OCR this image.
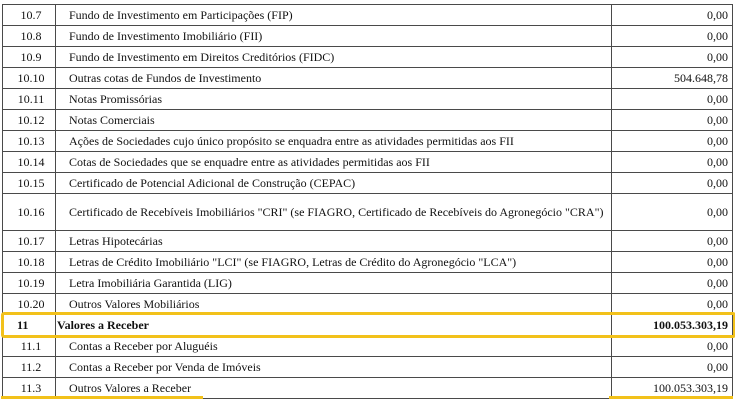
10.7	Fundo de Investimento em Participações (FIP)	0,00
10.8	Fundo de Investimento Imobiliário (FII)	0,00
10.9	Fundo de Investimento em Direitos Creditórios (FIDC)	0,00
10.10	Outras cotas de Fundos de Investimento	504.648,78
10.11	Notas Promissórias	0,00
10.12	Notas Comerciais	0,00
10.13	Ações de Sociedades cujo único propósito se enquadra entre as atividades permitidas aos FII	0,00
10.14	Cotas de Sociedades que se enquadre entre as atividades permitidas aos FII	0,00
10.15	Certificado de Potencial Adicional de Construção (CEPAC)	0,00
10.16	Certificado de Recebíveis Imobiliários "CRI" (se FIAGRO, Certificado de Recebíveis do Agronegócio "CRA")	0,00
10.17	Letras Hipotecárias	0,00
10.18	Letras de Crédito Imobiliário "LCI" (se FIAGRO, Letras de Crédito do Agronegócio "LCA")	0,00
10.19	Letra Imobiliária Garantida (LIG)	0,00
10.20	Outros Valores Mobiliários	0,00
11	Valores a Receber	100.053.303,19
11.1	Contas a Receber por Aluguéis	0,00
11.2	Contas a Receber por Venda de Imóveis	0,00
11.3	Outros Valores a Receber	100.053.303,19
